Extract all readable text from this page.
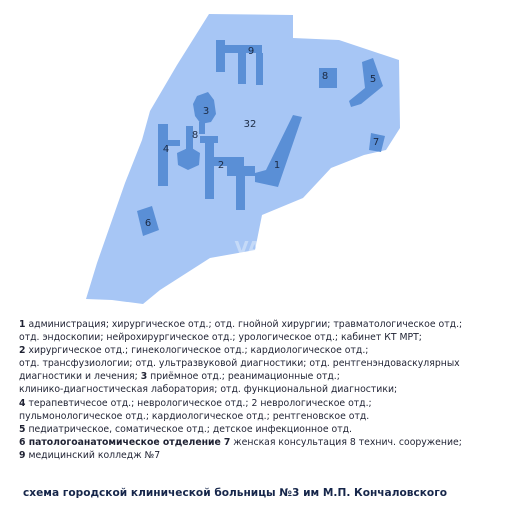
9
8	5
3
32
8
4
2	1
7
6
VA
1 администрация; хирургическое отд.; отд. гнойной хирургии; травматологическое отд.;
отд. эндоскопии; нейрохирургическое отд.; урологическое отд.; кабинет КТ МРТ;
2 хирургическое отд.; гинекологическое отд.; кардиологическое отд.;
отд. трансфузиологии; отд. ультразвуковой диагностики; отд. рентгенэндоваскулярных
диагностики и лечения; 3 приёмное отд.; реанимационные отд.;
клинико-диагностическая лаборатория; отд. функциональной диагностики;
4 терапевтичесое отд.; неврологическое отд.; 2 неврологическое отд.;
пульмонологическое отд.; кардиологическое отд.; рентгеновское отд.
5 педиатрическое, соматическое отд.; детское инфекционное отд.
6 патологоанатомическое отделение 7 женская консультация 8 технич. сооружение;
9 медицинский колледж №7
схема городской клинической больницы №3 им М.П. Кончаловского
